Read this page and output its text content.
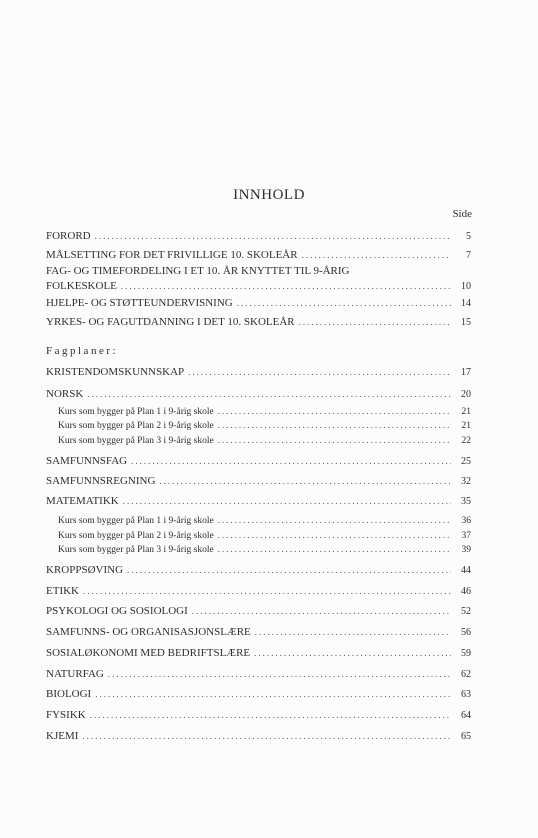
INNHOLD
Side
FORORD .....	5
MÅLSETTING FOR DET FRIVILLIGE 10. SKOLEÅR .....	7
FAG- OG TIMEFORDELING I ET 10. ÅR KNYTTET TIL 9-ÅRIG
FOLKESKOLE .....	10
HJELPE- OG STØTTEUNDERVISNING .....	14
YRKES- OG FAGUTDANNING I DET 10. SKOLEÅR .....	15
Fagplaner:
KRISTENDOMSKUNNSKAP .....	17
NORSK .....	20
Kurs som bygger på Plan 1 i 9-årig skole .....	21
Kurs som bygger på Plan 2 i 9-årig skole .....	21
Kurs som bygger på Plan 3 i 9-årig skole .....	22
SAMFUNNSFAG .....	25
SAMFUNNSREGNING .....	32
MATEMATIKK .....	35
Kurs som bygger på Plan 1 i 9-årig skole .....	36
Kurs som bygger på Plan 2 i 9-årig skole .....	37
Kurs som bygger på Plan 3 i 9-årig skole .....	39
KROPPSØVING .....	44
ETIKK .....	46
PSYKOLOGI OG SOSIOLOGI .....	52
SAMFUNNS- OG ORGANISASJONSLÆRE .....	56
SOSIALØKONOMI MED BEDRIFTSLÆRE .....	59
NATURFAG .....	62
BIOLOGI .....	63
FYSIKK .....	64
KJEMI .....	65
